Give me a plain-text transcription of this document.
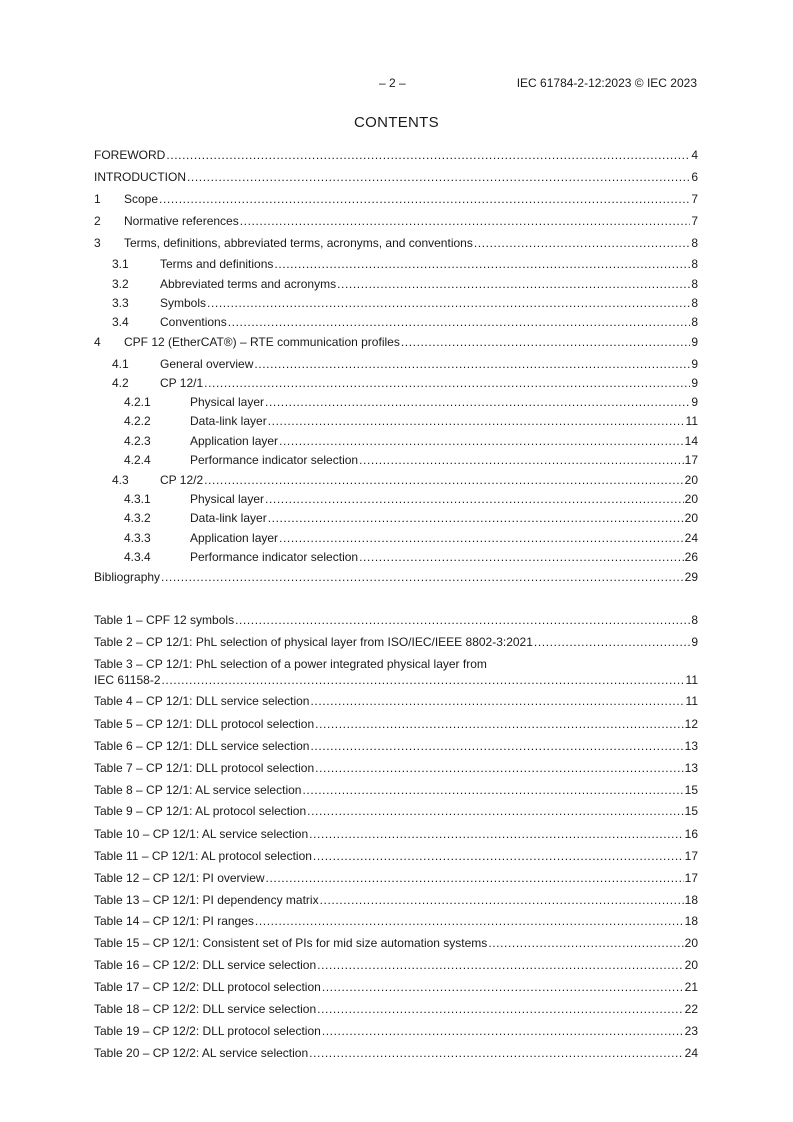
– 2 –	IEC 61784-2-12:2023 © IEC 2023
CONTENTS
FOREWORD .....	4
INTRODUCTION .....	6
1 Scope .....	7
2 Normative references .....	7
3 Terms, definitions, abbreviated terms, acronyms, and conventions .....	8
3.1	Terms and definitions .....	8
3.2	Abbreviated terms and acronyms .....	8
3.3	Symbols .....	8
3.4	Conventions .....	8
4 CPF 12 (EtherCAT®) – RTE communication profiles .....	9
4.1	General overview .....	9
4.2	CP 12/1 .....	9
4.2.1	Physical layer .....	9
4.2.2	Data-link layer .....	11
4.2.3	Application layer .....	14
4.2.4	Performance indicator selection .....	17
4.3	CP 12/2 .....	20
4.3.1	Physical layer .....	20
4.3.2	Data-link layer .....	20
4.3.3	Application layer .....	24
4.3.4	Performance indicator selection .....	26
Bibliography .....	29
Table 1 – CPF 12 symbols .....	8
Table 2 – CP 12/1: PhL selection of physical layer from ISO/IEC/IEEE 8802-3:2021 .....	9
Table 3 – CP 12/1: PhL selection of a power integrated physical layer from
IEC 61158-2 .....	11
Table 4 – CP 12/1: DLL service selection .....	11
Table 5 – CP 12/1: DLL protocol selection .....	12
Table 6 – CP 12/1: DLL service selection .....	13
Table 7 – CP 12/1: DLL protocol selection .....	13
Table 8 – CP 12/1: AL service selection .....	15
Table 9 – CP 12/1: AL protocol selection .....	15
Table 10 – CP 12/1: AL service selection .....	16
Table 11 – CP 12/1: AL protocol selection .....	17
Table 12 – CP 12/1: PI overview .....	17
Table 13 – CP 12/1: PI dependency matrix .....	18
Table 14 – CP 12/1: PI ranges .....	18
Table 15 – CP 12/1: Consistent set of PIs for mid size automation systems .....	20
Table 16 – CP 12/2: DLL service selection .....	20
Table 17 – CP 12/2: DLL protocol selection .....	21
Table 18 – CP 12/2: DLL service selection .....	22
Table 19 – CP 12/2: DLL protocol selection .....	23
Table 20 – CP 12/2: AL service selection .....	24
